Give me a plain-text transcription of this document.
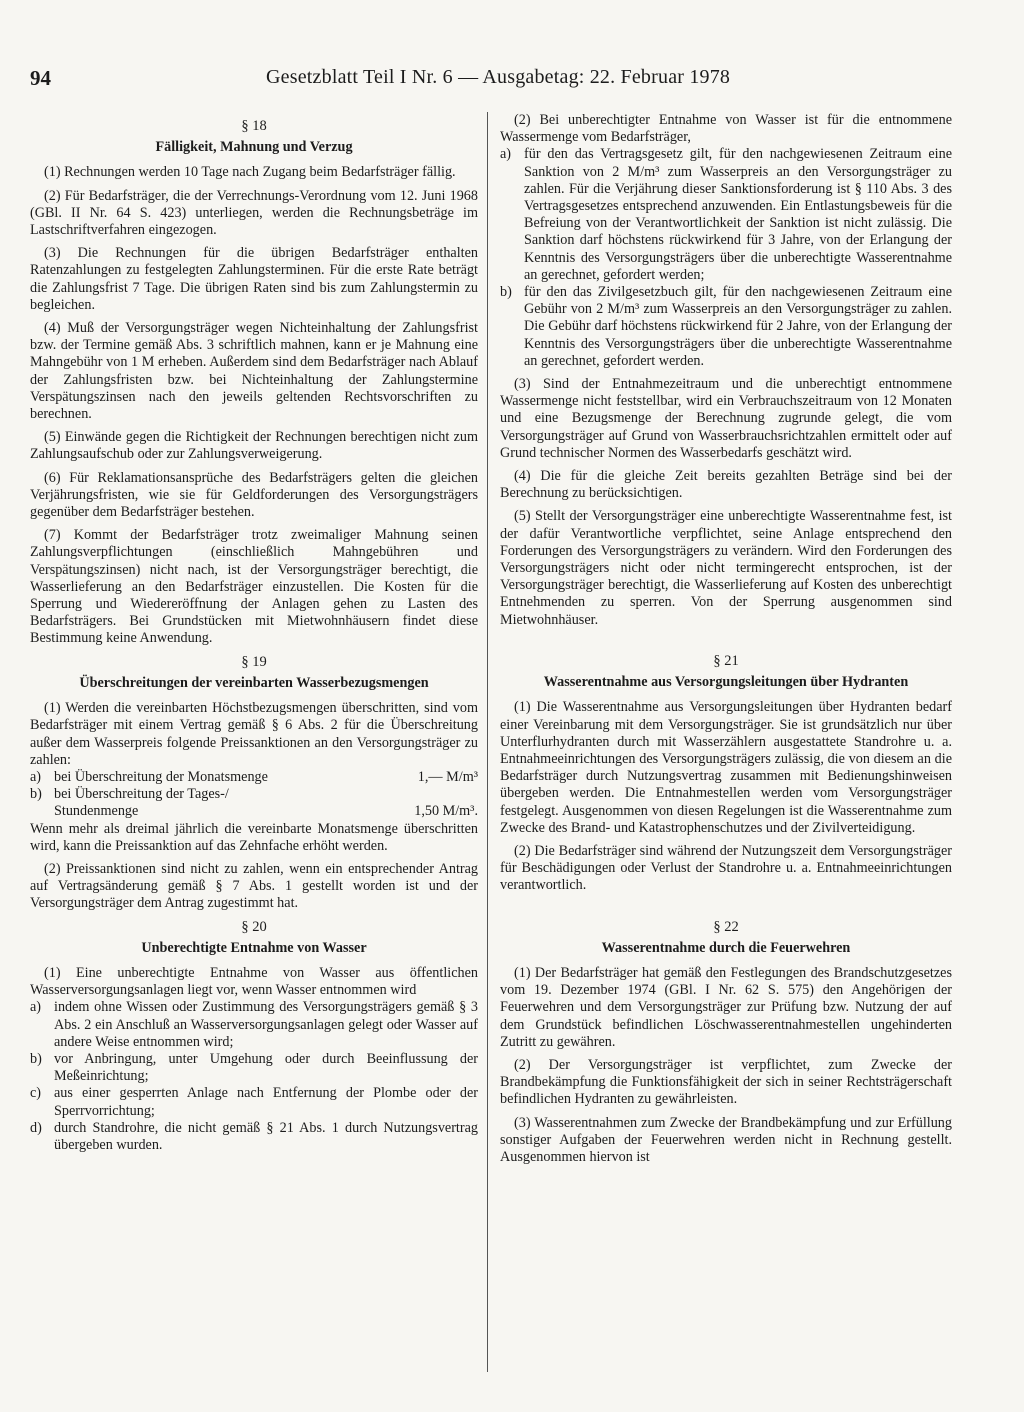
94	Gesetzblatt Teil I Nr. 6 — Ausgabetag: 22. Februar 1978
§ 18
Fälligkeit, Mahnung und Verzug

(1) Rechnungen werden 10 Tage nach Zugang beim Bedarfsträger fällig.

(2) Für Bedarfsträger, die der Verrechnungs-Verordnung vom 12. Juni 1968 (GBl. II Nr. 64 S. 423) unterliegen, werden die Rechnungsbeträge im Lastschriftverfahren eingezogen.

(3) Die Rechnungen für die übrigen Bedarfsträger enthalten Ratenzahlungen zu festgelegten Zahlungsterminen. Für die erste Rate beträgt die Zahlungsfrist 7 Tage. Die übrigen Raten sind bis zum Zahlungstermin zu begleichen.

(4) Muß der Versorgungsträger wegen Nichteinhaltung der Zahlungsfrist bzw. der Termine gemäß Abs. 3 schriftlich mahnen, kann er je Mahnung eine Mahngebühr von 1 M erheben. Außerdem sind dem Bedarfsträger nach Ablauf der Zahlungsfristen bzw. bei Nichteinhaltung der Zahlungstermine Verspätungszinsen nach den jeweils geltenden Rechtsvorschriften zu berechnen.

(5) Einwände gegen die Richtigkeit der Rechnungen berechtigen nicht zum Zahlungsaufschub oder zur Zahlungsverweigerung.

(6) Für Reklamationsansprüche des Bedarfsträgers gelten die gleichen Verjährungsfristen, wie sie für Geldforderungen des Versorgungsträgers gegenüber dem Bedarfsträger bestehen.

(7) Kommt der Bedarfsträger trotz zweimaliger Mahnung seinen Zahlungsverpflichtungen (einschließlich Mahngebühren und Verspätungszinsen) nicht nach, ist der Versorgungsträger berechtigt, die Wasserlieferung an den Bedarfsträger einzustellen. Die Kosten für die Sperrung und Wiedereröffnung der Anlagen gehen zu Lasten des Bedarfsträgers. Bei Grundstücken mit Mietwohnhäusern findet diese Bestimmung keine Anwendung.

§ 19
Überschreitungen der vereinbarten Wasserbezugsmengen

(1) Werden die vereinbarten Höchstbezugsmengen überschritten, sind vom Bedarfsträger mit einem Vertrag gemäß § 6 Abs. 2 für die Überschreitung außer dem Wasserpreis folgende Preissanktionen an den Versorgungsträger zu zahlen:

a) bei Überschreitung der Monatsmenge	1,— M/m³
b) bei Überschreitung der Tages-/
Stundenmenge	1,50 M/m³.

Wenn mehr als dreimal jährlich die vereinbarte Monatsmenge überschritten wird, kann die Preissanktion auf das Zehnfache erhöht werden.

(2) Preissanktionen sind nicht zu zahlen, wenn ein entsprechender Antrag auf Vertragsänderung gemäß § 7 Abs. 1 gestellt worden ist und der Versorgungsträger dem Antrag zugestimmt hat.

§ 20
Unberechtigte Entnahme von Wasser

(1) Eine unberechtigte Entnahme von Wasser aus öffentlichen Wasserversorgungsanlagen liegt vor, wenn Wasser entnommen wird

a) indem ohne Wissen oder Zustimmung des Versorgungsträgers gemäß § 3 Abs. 2 ein Anschluß an Wasserversorgungsanlagen gelegt oder Wasser auf andere Weise entnommen wird;
b) vor Anbringung, unter Umgehung oder durch Beeinflussung der Meßeinrichtung;
c) aus einer gesperrten Anlage nach Entfernung der Plombe oder der Sperrvorrichtung;
d) durch Standrohre, die nicht gemäß § 21 Abs. 1 durch Nutzungsvertrag übergeben wurden.

(2) Bei unberechtigter Entnahme von Wasser ist für die entnommene Wassermenge vom Bedarfsträger,

a) für den das Vertragsgesetz gilt, für den nachgewiesenen Zeitraum eine Sanktion von 2 M/m³ zum Wasserpreis an den Versorgungsträger zu zahlen. Für die Verjährung dieser Sanktionsforderung ist § 110 Abs. 3 des Vertragsgesetzes entsprechend anzuwenden. Ein Entlastungsbeweis für die Befreiung von der Verantwortlichkeit der Sanktion ist nicht zulässig. Die Sanktion darf höchstens rückwirkend für 3 Jahre, von der Erlangung der Kenntnis des Versorgungsträgers über die unberechtigte Wasserentnahme an gerechnet, gefordert werden;
b) für den das Zivilgesetzbuch gilt, für den nachgewiesenen Zeitraum eine Gebühr von 2 M/m³ zum Wasserpreis an den Versorgungsträger zu zahlen. Die Gebühr darf höchstens rückwirkend für 2 Jahre, von der Erlangung der Kenntnis des Versorgungsträgers über die unberechtigte Wasserentnahme an gerechnet, gefordert werden.

(3) Sind der Entnahmezeitraum und die unberechtigt entnommene Wassermenge nicht feststellbar, wird ein Verbrauchszeitraum von 12 Monaten und eine Bezugsmenge der Berechnung zugrunde gelegt, die vom Versorgungsträger auf Grund von Wasserbrauchsrichtzahlen ermittelt oder auf Grund technischer Normen des Wasserbedarfs geschätzt wird.

(4) Die für die gleiche Zeit bereits gezahlten Beträge sind bei der Berechnung zu berücksichtigen.

(5) Stellt der Versorgungsträger eine unberechtigte Wasserentnahme fest, ist der dafür Verantwortliche verpflichtet, seine Anlage entsprechend den Forderungen des Versorgungsträgers zu verändern. Wird den Forderungen des Versorgungsträgers nicht oder nicht termingerecht entsprochen, ist der Versorgungsträger berechtigt, die Wasserlieferung auf Kosten des unberechtigt Entnehmenden zu sperren. Von der Sperrung ausgenommen sind Mietwohnhäuser.

§ 21
Wasserentnahme aus Versorgungsleitungen über Hydranten

(1) Die Wasserentnahme aus Versorgungsleitungen über Hydranten bedarf einer Vereinbarung mit dem Versorgungsträger. Sie ist grundsätzlich nur über Unterflurhydranten durch mit Wasserzählern ausgestattete Standrohre u. a. Entnahmeeinrichtungen des Versorgungsträgers zulässig, die von diesem an die Bedarfsträger durch Nutzungsvertrag zusammen mit Bedienungshinweisen übergeben werden. Die Entnahmestellen werden vom Versorgungsträger festgelegt. Ausgenommen von diesen Regelungen ist die Wasserentnahme zum Zwecke des Brand- und Katastrophenschutzes und der Zivilverteidigung.

(2) Die Bedarfsträger sind während der Nutzungszeit dem Versorgungsträger für Beschädigungen oder Verlust der Standrohre u. a. Entnahmeeinrichtungen verantwortlich.

§ 22
Wasserentnahme durch die Feuerwehren

(1) Der Bedarfsträger hat gemäß den Festlegungen des Brandschutzgesetzes vom 19. Dezember 1974 (GBl. I Nr. 62 S. 575) den Angehörigen der Feuerwehren und dem Versorgungsträger zur Prüfung bzw. Nutzung der auf dem Grundstück befindlichen Löschwasserentnahmestellen ungehinderten Zutritt zu gewähren.

(2) Der Versorgungsträger ist verpflichtet, zum Zwecke der Brandbekämpfung die Funktionsfähigkeit der sich in seiner Rechtsträgerschaft befindlichen Hydranten zu gewährleisten.

(3) Wasserentnahmen zum Zwecke der Brandbekämpfung und zur Erfüllung sonstiger Aufgaben der Feuerwehren werden nicht in Rechnung gestellt. Ausgenommen hiervon ist
